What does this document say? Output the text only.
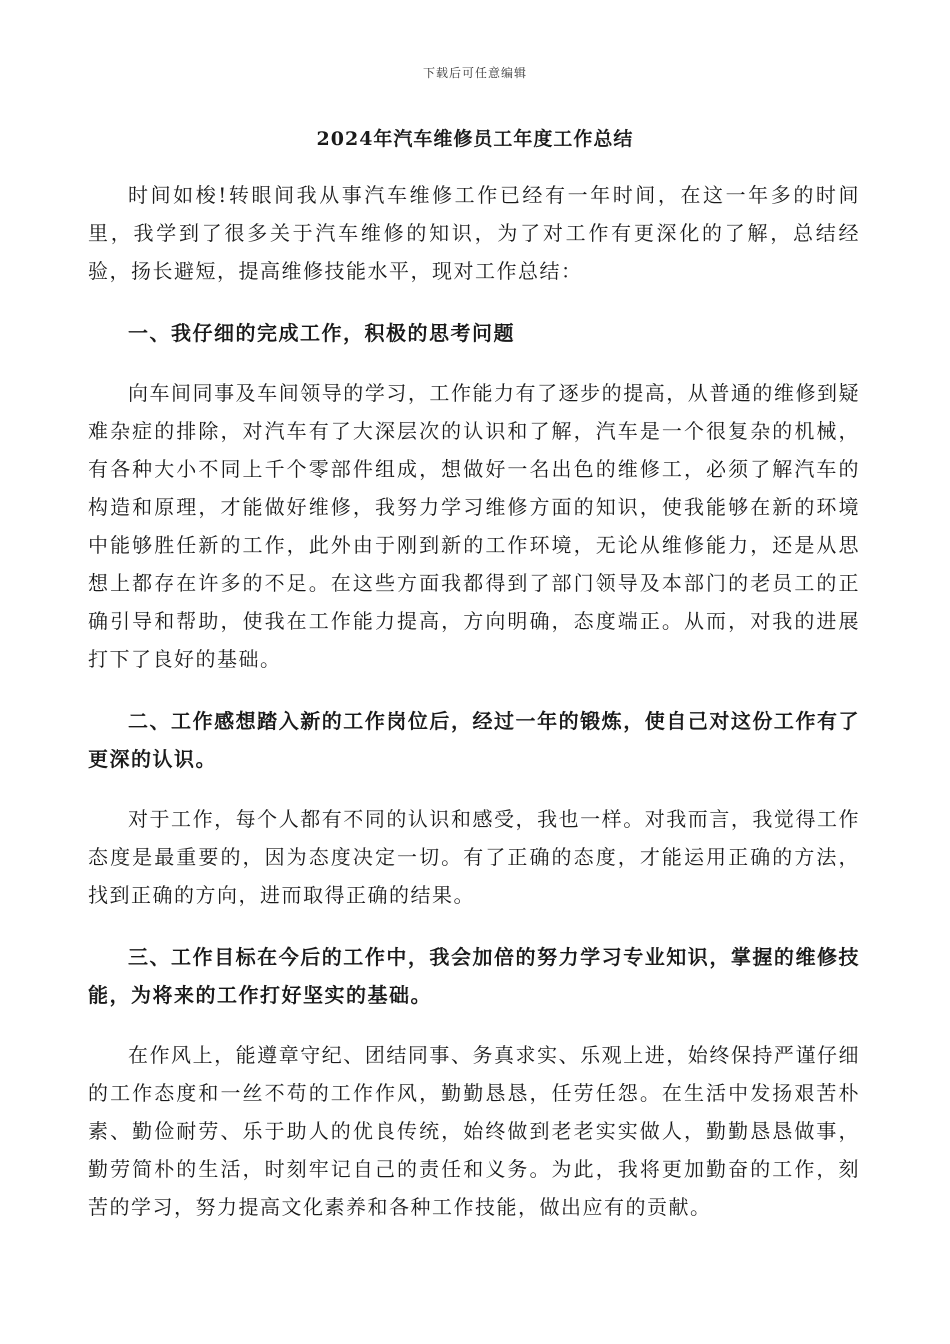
下载后可任意编辑
2024年汽车维修员工年度工作总结

时间如梭!转眼间我从事汽车维修工作已经有一年时间，在这一年多的时间里，我学到了很多关于汽车维修的知识，为了对工作有更深化的了解，总结经验，扬长避短，提高维修技能水平，现对工作总结：

一、我仔细的完成工作，积极的思考问题

向车间同事及车间领导的学习，工作能力有了逐步的提高，从普通的维修到疑难杂症的排除，对汽车有了大深层次的认识和了解，汽车是一个很复杂的机械，有各种大小不同上千个零部件组成，想做好一名出色的维修工，必须了解汽车的构造和原理，才能做好维修，我努力学习维修方面的知识，使我能够在新的环境中能够胜任新的工作，此外由于刚到新的工作环境，无论从维修能力，还是从思想上都存在许多的不足。在这些方面我都得到了部门领导及本部门的老员工的正确引导和帮助，使我在工作能力提高，方向明确，态度端正。从而，对我的进展打下了良好的基础。

二、工作感想踏入新的工作岗位后，经过一年的锻炼，使自己对这份工作有了更深的认识。

对于工作，每个人都有不同的认识和感受，我也一样。对我而言，我觉得工作态度是最重要的，因为态度决定一切。有了正确的态度，才能运用正确的方法，找到正确的方向，进而取得正确的结果。

三、工作目标在今后的工作中，我会加倍的努力学习专业知识，掌握的维修技能，为将来的工作打好坚实的基础。

在作风上，能遵章守纪、团结同事、务真求实、乐观上进，始终保持严谨仔细的工作态度和一丝不苟的工作作风，勤勤恳恳，任劳任怨。在生活中发扬艰苦朴素、勤俭耐劳、乐于助人的优良传统，始终做到老老实实做人，勤勤恳恳做事，勤劳简朴的生活，时刻牢记自己的责任和义务。为此，我将更加勤奋的工作，刻苦的学习，努力提高文化素养和各种工作技能，做出应有的贡献。
